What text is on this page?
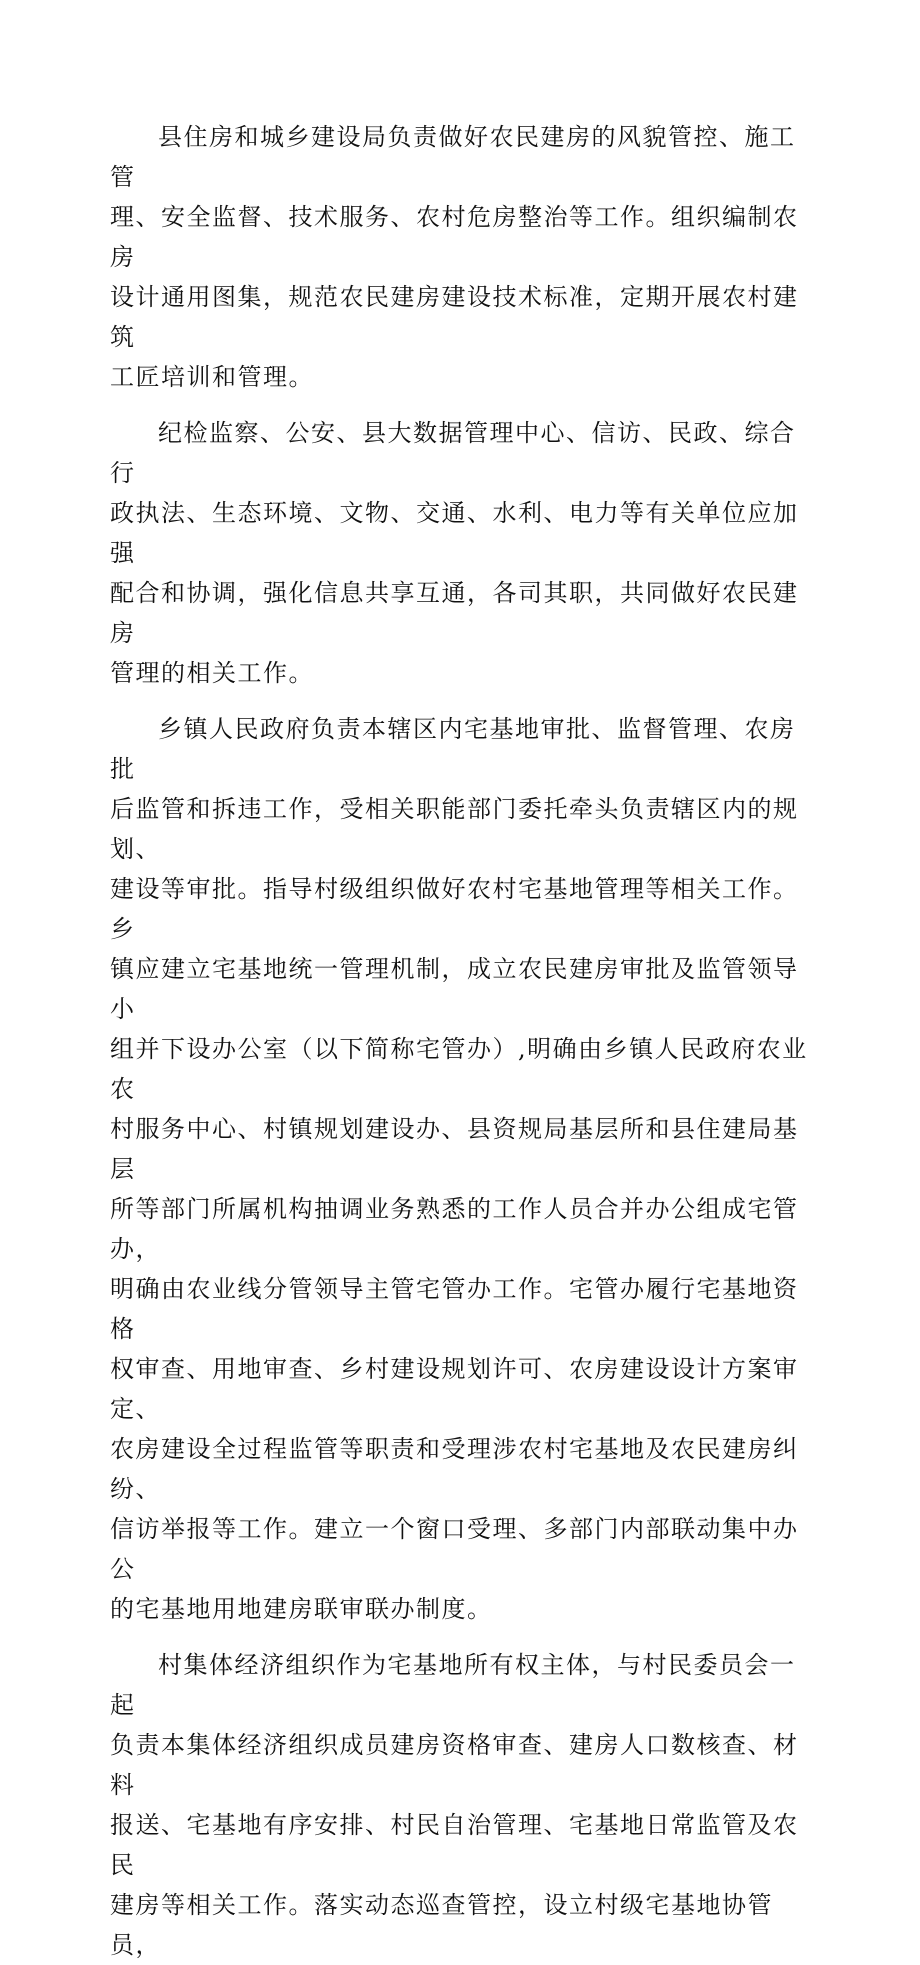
县住房和城乡建设局负责做好农民建房的风貌管控、施工管
理、安全监督、技术服务、农村危房整治等工作。组织编制农房
设计通用图集，规范农民建房建设技术标准，定期开展农村建筑
工匠培训和管理。

纪检监察、公安、县大数据管理中心、信访、民政、综合行
政执法、生态环境、文物、交通、水利、电力等有关单位应加强
配合和协调，强化信息共享互通，各司其职，共同做好农民建房
管理的相关工作。

乡镇人民政府负责本辖区内宅基地审批、监督管理、农房批
后监管和拆违工作，受相关职能部门委托牵头负责辖区内的规划、
建设等审批。指导村级组织做好农村宅基地管理等相关工作。乡
镇应建立宅基地统一管理机制，成立农民建房审批及监管领导小
组并下设办公室（以下简称宅管办）,明确由乡镇人民政府农业农
村服务中心、村镇规划建设办、县资规局基层所和县住建局基层
所等部门所属机构抽调业务熟悉的工作人员合并办公组成宅管办，
明确由农业线分管领导主管宅管办工作。宅管办履行宅基地资格
权审查、用地审查、乡村建设规划许可、农房建设设计方案审定、
农房建设全过程监管等职责和受理涉农村宅基地及农民建房纠纷、
信访举报等工作。建立一个窗口受理、多部门内部联动集中办公
的宅基地用地建房联审联办制度。

村集体经济组织作为宅基地所有权主体，与村民委员会一起
负责本集体经济组织成员建房资格审查、建房人口数核查、材料
报送、宅基地有序安排、村民自治管理、宅基地日常监管及农民
建房等相关工作。落实动态巡查管控，设立村级宅基地协管员，
